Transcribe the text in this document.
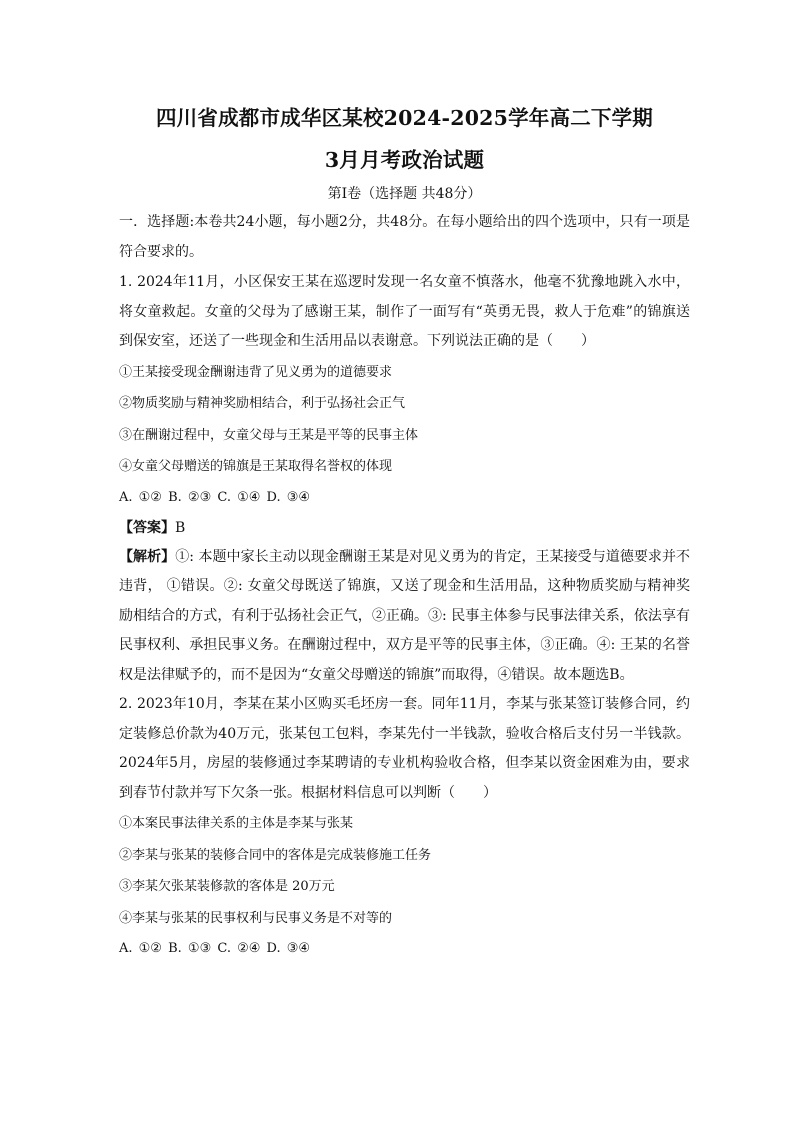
四川省成都市成华区某校2024-2025学年高二下学期
3月月考政治试题
第Ⅰ卷（选择题 共48分）

一．选择题:本卷共24小题，每小题2分，共48分。在每小题给出的四个选项中，只有一项是符合要求的。

1. 2024年11月，小区保安王某在巡逻时发现一名女童不慎落水，他毫不犹豫地跳入水中，将女童救起。女童的父母为了感谢王某，制作了一面写有“英勇无畏，救人于危难”的锦旗送到保安室，还送了一些现金和生活用品以表谢意。下列说法正确的是（　　）

①王某接受现金酬谢违背了见义勇为的道德要求

②物质奖励与精神奖励相结合，利于弘扬社会正气

③在酬谢过程中，女童父母与王某是平等的民事主体

④女童父母赠送的锦旗是王某取得名誉权的体现

A. ①② B. ②③ C. ①④ D. ③④

【答案】B

【解析】①: 本题中家长主动以现金酬谢王某是对见义勇为的肯定，王某接受与道德要求并不违背， ①错误。②: 女童父母既送了锦旗，又送了现金和生活用品，这种物质奖励与精神奖励相结合的方式，有利于弘扬社会正气，②正确。③: 民事主体参与民事法律关系，依法享有民事权利、承担民事义务。在酬谢过程中，双方是平等的民事主体，③正确。④: 王某的名誉权是法律赋予的，而不是因为“女童父母赠送的锦旗”而取得，④错误。故本题选B。

2. 2023年10月，李某在某小区购买毛坯房一套。同年11月，李某与张某签订装修合同，约定装修总价款为40万元，张某包工包料，李某先付一半钱款，验收合格后支付另一半钱款。2024年5月，房屋的装修通过李某聘请的专业机构验收合格，但李某以资金困难为由，要求到春节付款并写下欠条一张。根据材料信息可以判断（　　）

①本案民事法律关系的主体是李某与张某

②李某与张某的装修合同中的客体是完成装修施工任务

③李某欠张某装修款的客体是 20万元

④李某与张某的民事权利与民事义务是不对等的

A. ①② B. ①③ C. ②④ D. ③④
